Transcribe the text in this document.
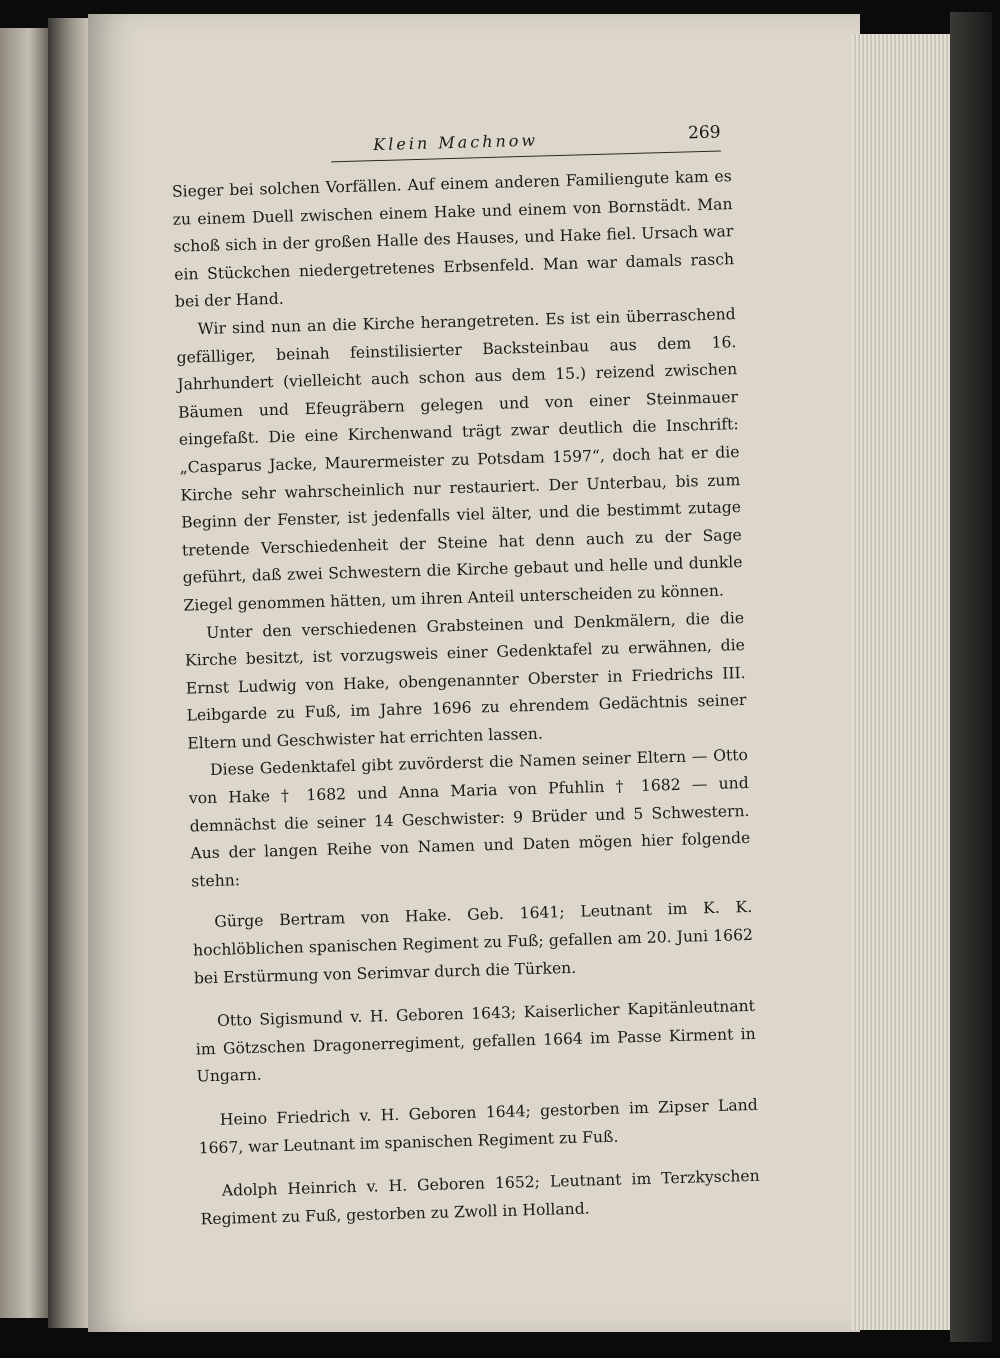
Klein Machnow	269

Sieger bei solchen Vorfällen. Auf einem anderen Familiengute kam es zu einem Duell zwischen einem Hake und einem von Bornstädt. Man schoß sich in der großen Halle des Hauses, und Hake fiel. Ursach war ein Stückchen niedergetretenes Erbsenfeld. Man war damals rasch bei der Hand.

Wir sind nun an die Kirche herangetreten. Es ist ein überraschend gefälliger, beinah feinstilisierter Backsteinbau aus dem 16. Jahrhundert (vielleicht auch schon aus dem 15.) reizend zwischen Bäumen und Efeugräbern gelegen und von einer Steinmauer eingefaßt. Die eine Kirchenwand trägt zwar deutlich die Inschrift: „Casparus Jacke, Maurermeister zu Potsdam 1597“, doch hat er die Kirche sehr wahrscheinlich nur restauriert. Der Unterbau, bis zum Beginn der Fenster, ist jedenfalls viel älter, und die bestimmt zutage tretende Verschiedenheit der Steine hat denn auch zu der Sage geführt, daß zwei Schwestern die Kirche gebaut und helle und dunkle Ziegel genommen hätten, um ihren Anteil unterscheiden zu können.

Unter den verschiedenen Grabsteinen und Denkmälern, die die Kirche besitzt, ist vorzugsweis einer Gedenktafel zu erwähnen, die Ernst Ludwig von Hake, obengenannter Oberster in Friedrichs III. Leibgarde zu Fuß, im Jahre 1696 zu ehrendem Gedächtnis seiner Eltern und Geschwister hat errichten lassen.

Diese Gedenktafel gibt zuvörderst die Namen seiner Eltern — Otto von Hake † 1682 und Anna Maria von Pfuhlin † 1682 — und demnächst die seiner 14 Geschwister: 9 Brüder und 5 Schwestern. Aus der langen Reihe von Namen und Daten mögen hier folgende stehn:

Gürge Bertram von Hake. Geb. 1641; Leutnant im K. K. hochlöblichen spanischen Regiment zu Fuß; gefallen am 20. Juni 1662 bei Erstürmung von Serimvar durch die Türken.

Otto Sigismund v. H. Geboren 1643; Kaiserlicher Kapitänleutnant im Götzschen Dragonerregiment, gefallen 1664 im Passe Kirment in Ungarn.

Heino Friedrich v. H. Geboren 1644; gestorben im Zipser Land 1667, war Leutnant im spanischen Regiment zu Fuß.

Adolph Heinrich v. H. Geboren 1652; Leutnant im Terzkyschen Regiment zu Fuß, gestorben zu Zwoll in Holland.
